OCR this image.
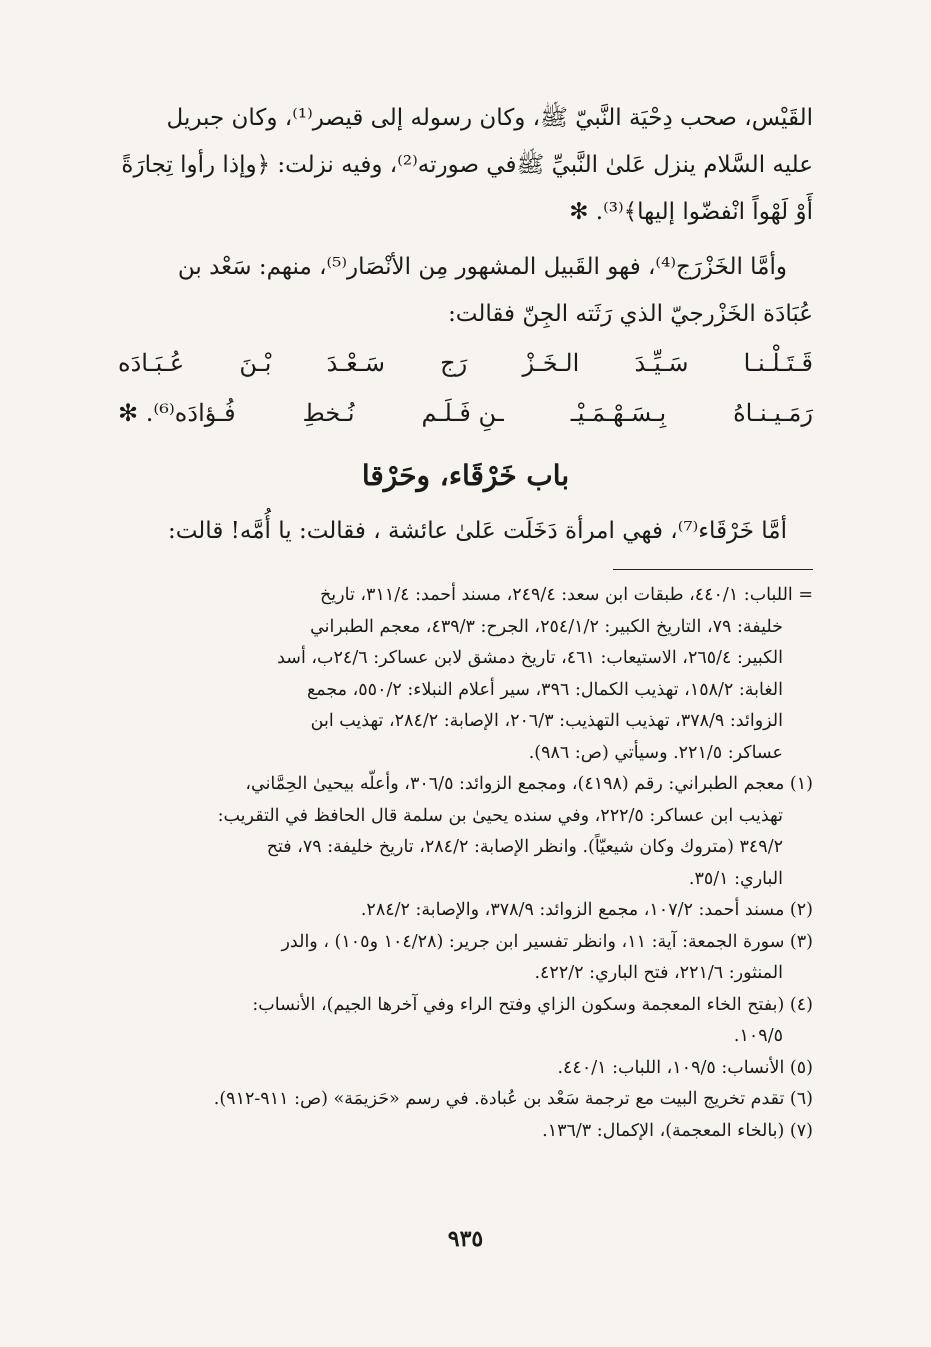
القَيْس، صحب دِحْيَة النَّبيّ ﷺ، وكان رسوله إلى قيصر⁽¹⁾، وكان جبريل

عليه السَّلام ينزل عَلىٰ النَّبيِّ ﷺفي صورته⁽²⁾، وفيه نزلت: ﴿وإذا رأوا تِجارَةً

أَوْ لَهْواً انْفضّوا إليها﴾⁽³⁾. ✻

وأمَّا الخَزْرَج⁽⁴⁾، فهو القَبيل المشهور مِن الأنْصَار⁽⁵⁾، منهم: سَعْد بن

عُبَادَة الخَزْرجيّ الذي رَثَته الجِنّ فقالت:

قَـتَـلْـنـا
سَـيِّـدَ
الـخَـزْ
رَج
سَـعْـدَ
بْـنَ
عُـبَـادَه
رَمَـيـنـاهُ
بِـسَـهْـمَـيْـ
ـنِ فَـلَـم
نُـخطِ
فُـؤادَه⁽⁶⁾. ✻
باب خَرْقَاء، وحَرْقا

أمَّا خَرْقَاء⁽⁷⁾، فهي امرأة دَخَلَت عَلىٰ عائشة ، فقالت: يا أُمَّه! قالت:

= اللباب: ٤٤٠/١، طبقات ابن سعد: ٢٤٩/٤، مسند أحمد: ٣١١/٤، تاريخ

خليفة: ٧٩، التاريخ الكبير: ٢٥٤/١/٢، الجرح: ٤٣٩/٣، معجم الطبراني

الكبير: ٢٦٥/٤، الاستيعاب: ٤٦١، تاريخ دمشق لابن عساكر: ٢٤/٦ب، أسد

الغابة: ١٥٨/٢، تهذيب الكمال: ٣٩٦، سير أعلام النبلاء: ٥٥٠/٢، مجمع

الزوائد: ٣٧٨/٩، تهذيب التهذيب: ٢٠٦/٣، الإصابة: ٢٨٤/٢، تهذيب ابن

عساكر: ٢٢١/٥. وسيأتي (ص: ٩٨٦).

(١) معجم الطبراني: رقم (٤١٩٨)، ومجمع الزوائد: ٣٠٦/٥، وأعلّه بيحيىٰ الحِمَّاني،

تهذيب ابن عساكر: ٢٢٢/٥، وفي سنده يحيىٰ بن سلمة قال الحافظ في التقريب:

٣٤٩/٢ (متروك وكان شيعيّاً). وانظر الإصابة: ٢٨٤/٢، تاريخ خليفة: ٧٩، فتح

الباري: ٣٥/١.

(٢) مسند أحمد: ١٠٧/٢، مجمع الزوائد: ٣٧٨/٩، والإصابة: ٢٨٤/٢.

(٣) سورة الجمعة: آية: ١١، وانظر تفسير ابن جرير: (١٠٤/٢٨ و١٠٥) ، والدر

المنثور: ٢٢١/٦، فتح الباري: ٤٢٢/٢.

(٤) (بفتح الخاء المعجمة وسكون الزاي وفتح الراء وفي آخرها الجيم)، الأنساب:

١٠٩/٥.

(٥) الأنساب: ١٠٩/٥، اللباب: ٤٤٠/١.

(٦) تقدم تخريج البيت مع ترجمة سَعْد بن عُبادة. في رسم «حَزيمَة» (ص: ٩١١-٩١٢).

(٧) (بالخاء المعجمة)، الإكمال: ١٣٦/٣.

٩٣٥
